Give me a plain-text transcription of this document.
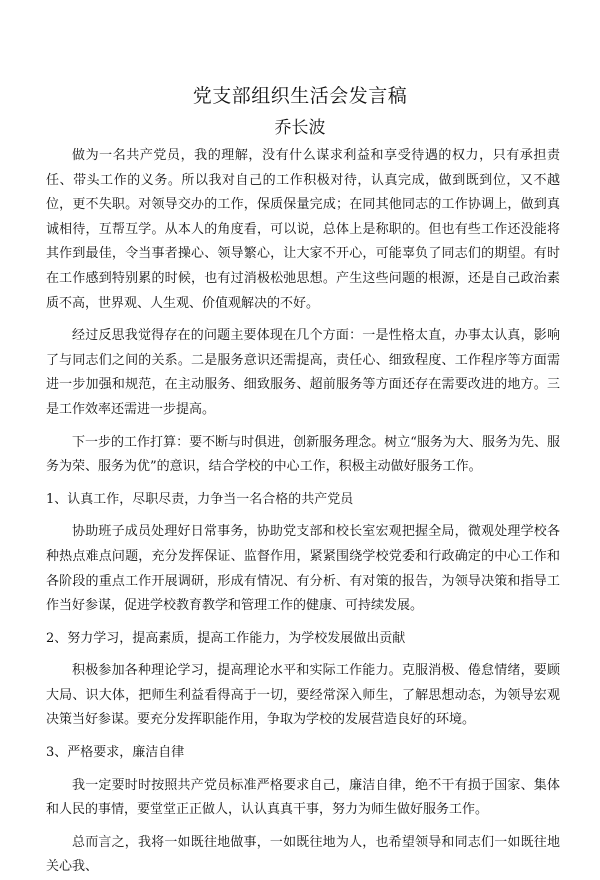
党支部组织生活会发言稿
乔长波

做为一名共产党员，我的理解，没有什么谋求利益和享受待遇的权力，只有承担责任、带头工作的义务。所以我对自己的工作积极对待，认真完成，做到既到位，又不越位，更不失职。对领导交办的工作，保质保量完成；在同其他同志的工作协调上，做到真诚相待，互帮互学。从本人的角度看，可以说，总体上是称职的。但也有些工作还没能将其作到最佳，令当事者操心、领导繁心，让大家不开心，可能辜负了同志们的期望。有时在工作感到特别累的时候，也有过消极松弛思想。产生这些问题的根源，还是自己政治素质不高，世界观、人生观、价值观解决的不好。

经过反思我觉得存在的问题主要体现在几个方面：一是性格太直，办事太认真，影响了与同志们之间的关系。二是服务意识还需提高，责任心、细致程度、工作程序等方面需进一步加强和规范，在主动服务、细致服务、超前服务等方面还存在需要改进的地方。三是工作效率还需进一步提高。

下一步的工作打算：要不断与时俱进，创新服务理念。树立“服务为大、服务为先、服务为荣、服务为优”的意识，结合学校的中心工作，积极主动做好服务工作。

1、认真工作，尽职尽责，力争当一名合格的共产党员

协助班子成员处理好日常事务，协助党支部和校长室宏观把握全局，微观处理学校各种热点难点问题，充分发挥保证、监督作用，紧紧围绕学校党委和行政确定的中心工作和各阶段的重点工作开展调研，形成有情况、有分析、有对策的报告，为领导决策和指导工作当好参谋，促进学校教育教学和管理工作的健康、可持续发展。

2、努力学习，提高素质，提高工作能力，为学校发展做出贡献

积极参加各种理论学习，提高理论水平和实际工作能力。克服消极、倦怠情绪，要顾大局、识大体，把师生利益看得高于一切，要经常深入师生，了解思想动态，为领导宏观决策当好参谋。要充分发挥职能作用，争取为学校的发展营造良好的环境。

3、严格要求，廉洁自律

我一定要时时按照共产党员标准严格要求自己，廉洁自律，绝不干有损于国家、集体和人民的事情，要堂堂正正做人，认认真真干事，努力为师生做好服务工作。

总而言之，我将一如既往地做事，一如既往地为人，也希望领导和同志们一如既往地关心我、
